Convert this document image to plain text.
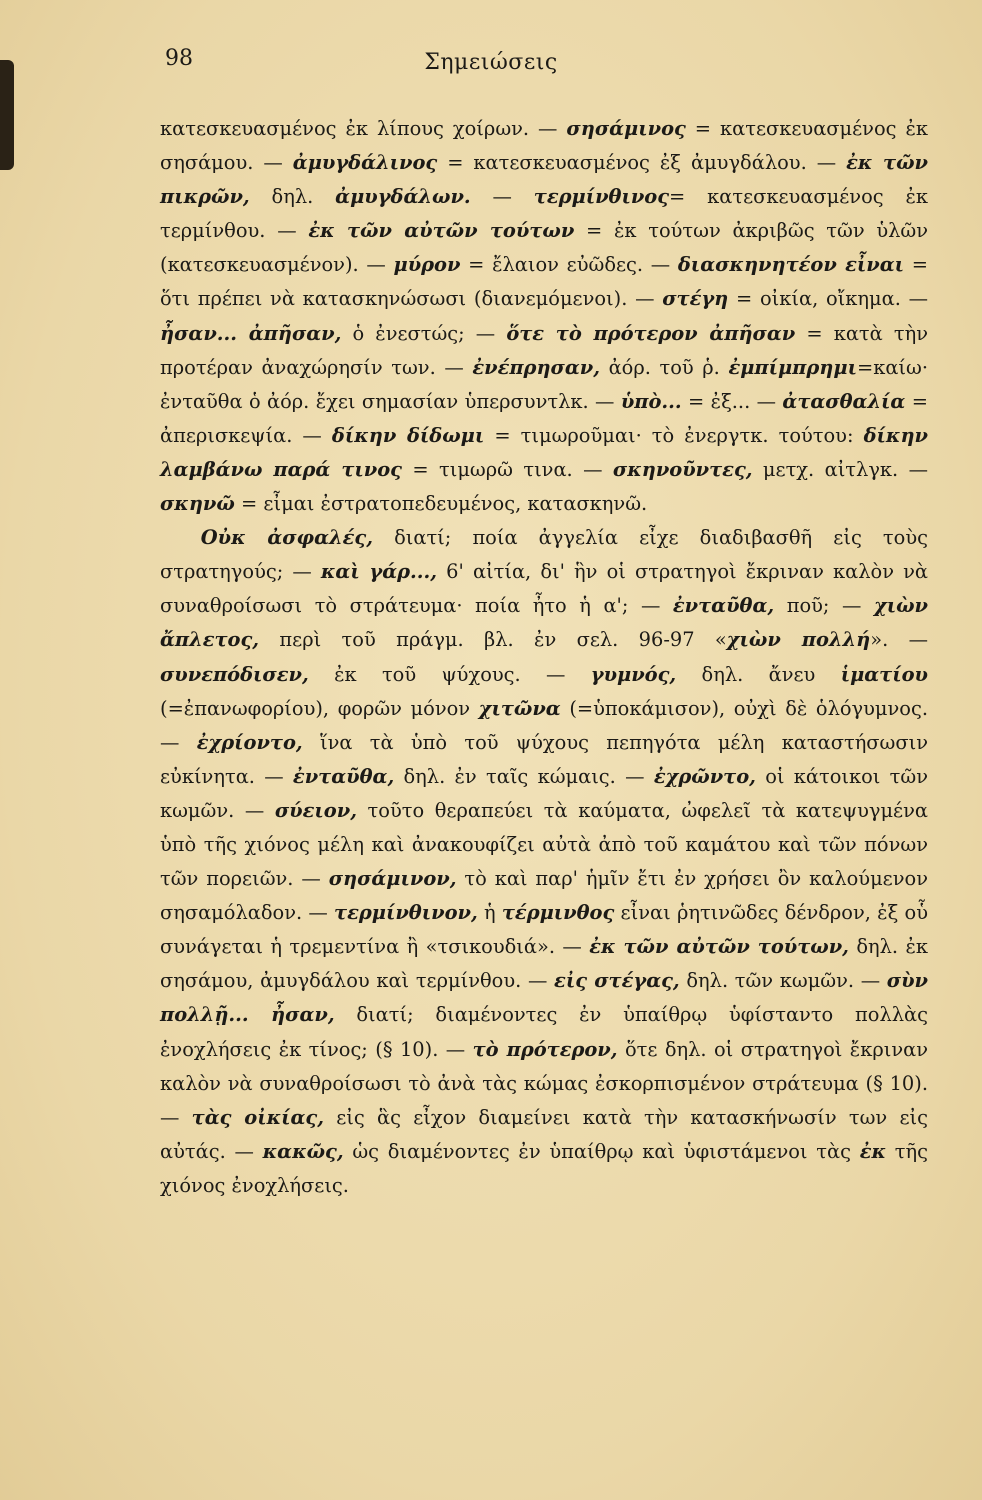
98	Σημειώσεις

κατεσκευασμένος ἐκ λίπους χοίρων. — σησάμινος = κατεσκευασμένος ἐκ σησάμου. — ἀμυγδάλινος = κατεσκευασμένος ἐξ ἀμυγδάλου. — ἐκ τῶν πικρῶν, δηλ. ἀμυγδάλων. — τερμίνθινος= κατεσκευασμένος ἐκ τερμίνθου. — ἐκ τῶν αὐτῶν τούτων = ἐκ τούτων ἀκριβῶς τῶν ὑλῶν (κατεσκευασμένον). — μύρον = ἔλαιον εὐῶδες. — διασκηνητέον εἶναι = ὅτι πρέπει νὰ κατασκηνώσωσι (διανεμόμενοι). — στέγη = οἰκία, οἴκημα. — ἦσαν... ἀπῆσαν, ὁ ἐνεστώς; — ὅτε τὸ πρότερον ἀπῆσαν = κατὰ τὴν προτέραν ἀναχώρησίν των. — ἐνέπρησαν, ἀόρ. τοῦ ῥ. ἐμπίμπρημι=καίω· ἐνταῦθα ὁ ἀόρ. ἔχει σημασίαν ὑπερσυντλκ. — ὑπὸ... = ἐξ... — ἀτασθαλία = ἀπερισκεψία. — δίκην δίδωμι = τιμωροῦμαι· τὸ ἐνεργτκ. τούτου: δίκην λαμβάνω παρά τινος = τιμωρῶ τινα. — σκηνοῦντες, μετχ. αἰτλγκ. — σκηνῶ = εἶμαι ἐστρατοπεδευμένος, κατασκηνῶ.

Οὐκ ἀσφαλές, διατί; ποία ἀγγελία εἶχε διαδιβασθῆ εἰς τοὺς στρατηγούς; — καὶ γάρ..., 6' αἰτία, δι' ἣν οἱ στρατηγοὶ ἔκριναν καλὸν νὰ συναθροίσωσι τὸ στράτευμα· ποία ἦτο ἡ α'; — ἐνταῦθα, ποῦ; — χιὼν ἄπλετος, περὶ τοῦ πράγμ. βλ. ἐν σελ. 96-97 «χιὼν πολλή». — συνεπόδισεν, ἐκ τοῦ ψύχους. — γυμνός, δηλ. ἄνευ ἱματίου (=ἐπανωφορίου), φορῶν μόνον χιτῶνα (=ὑποκάμισον), οὐχὶ δὲ ὁλόγυμνος. — ἐχρίοντο, ἵνα τὰ ὑπὸ τοῦ ψύχους πεπηγότα μέλη καταστήσωσιν εὐκίνητα. — ἐνταῦθα, δηλ. ἐν ταῖς κώμαις. — ἐχρῶντο, οἱ κάτοικοι τῶν κωμῶν. — σύειον, τοῦτο θεραπεύει τὰ καύματα, ὠφελεῖ τὰ κατεψυγμένα ὑπὸ τῆς χιόνος μέλη καὶ ἀνακουφίζει αὐτὰ ἀπὸ τοῦ καμάτου καὶ τῶν πόνων τῶν πορειῶν. — σησάμινον, τὸ καὶ παρ' ἡμῖν ἔτι ἐν χρήσει ὂν καλούμενον σησαμόλαδον. — τερμίνθινον, ἡ τέρμινθος εἶναι ῥητινῶδες δένδρον, ἐξ οὗ συνάγεται ἡ τρεμεντίνα ἢ «τσικουδιά». — ἐκ τῶν αὐτῶν τούτων, δηλ. ἐκ σησάμου, ἀμυγδάλου καὶ τερμίνθου. — εἰς στέγας, δηλ. τῶν κωμῶν. — σὺν πολλῇ... ἦσαν, διατί; διαμένοντες ἐν ὑπαίθρῳ ὑφίσταντο πολλὰς ἐνοχλήσεις ἐκ τίνος; (§ 10). — τὸ πρότερον, ὅτε δηλ. οἱ στρατηγοὶ ἔκριναν καλὸν νὰ συναθροίσωσι τὸ ἀνὰ τὰς κώμας ἐσκορπισμένον στράτευμα (§ 10). — τὰς οἰκίας, εἰς ἃς εἶχον διαμείνει κατὰ τὴν κατασκήνωσίν των εἰς αὐτάς. — κακῶς, ὡς διαμένοντες ἐν ὑπαίθρῳ καὶ ὑφιστάμενοι τὰς ἐκ τῆς χιόνος ἐνοχλήσεις.
